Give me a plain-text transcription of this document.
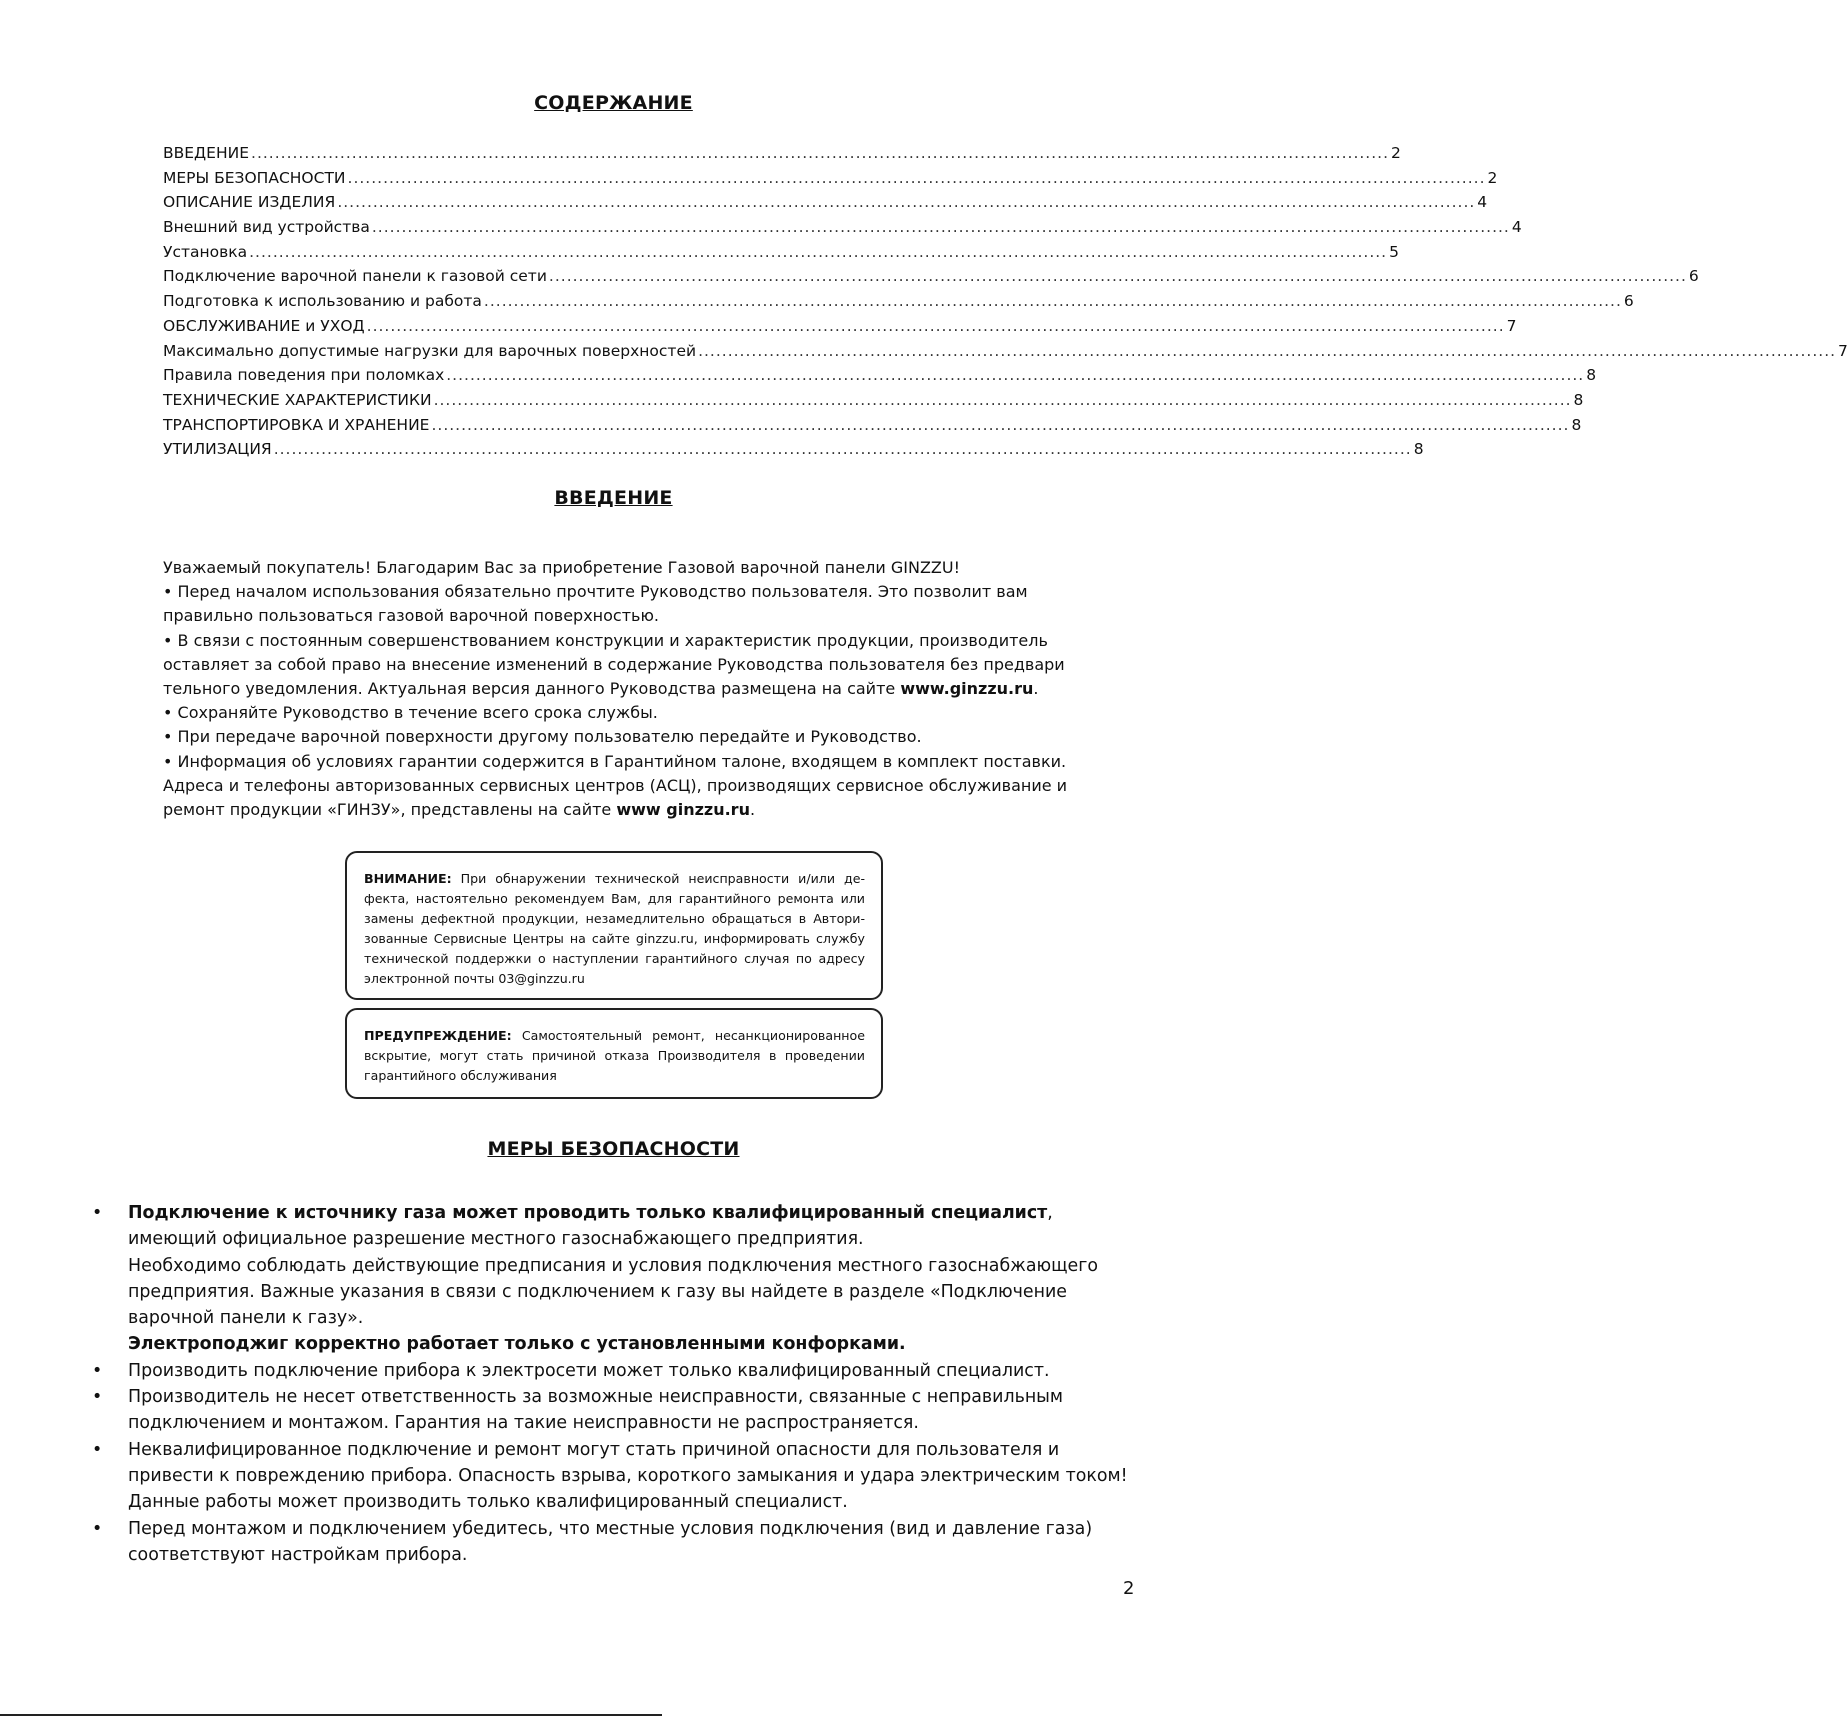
СОДЕРЖАНИЕ
ВВЕДЕНИЕ ................................................................................................................................................................................................ 2
МЕРЫ БЕЗОПАСНОСТИ ................................................................................................................................................................................................ 2
ОПИСАНИЕ ИЗДЕЛИЯ ................................................................................................................................................................................................ 4
Внешний вид устройства ................................................................................................................................................................................................ 4
Установка ................................................................................................................................................................................................ 5
Подключение варочной панели к газовой сети ................................................................................................................................................................................................ 6
Подготовка к использованию и работа ................................................................................................................................................................................................ 6
ОБСЛУЖИВАНИЕ и УХОД ................................................................................................................................................................................................ 7
Максимально допустимые нагрузки для варочных поверхностей ................................................................................................................................................................................................ 7
Правила поведения при поломках ................................................................................................................................................................................................ 8
ТЕХНИЧЕСКИЕ ХАРАКТЕРИСТИКИ ................................................................................................................................................................................................ 8
ТРАНСПОРТИРОВКА И ХРАНЕНИЕ ................................................................................................................................................................................................ 8
УТИЛИЗАЦИЯ ................................................................................................................................................................................................ 8
ВВЕДЕНИЕ

Уважаемый покупатель! Благодарим Вас за приобретение Газовой варочной панели GINZZU!

• Перед началом использования обязательно прочтите Руководство пользователя. Это позволит вам правильно пользоваться газовой варочной поверхностью.

• В связи с постоянным совершенствованием конструкции и характеристик продукции, производитель оставляет за собой право на внесение изменений в содержание Руководства пользователя без предвари тельного уведомления. Актуальная версия данного Руководства размещена на сайте www.ginzzu.ru.

• Сохраняйте Руководство в течение всего срока службы.

• При передаче варочной поверхности другому пользователю передайте и Руководство.

• Информация об условиях гарантии содержится в Гарантийном талоне, входящем в комплект поставки.

Адреса и телефоны авторизованных сервисных центров (АСЦ), производящих сервисное обслуживание и ремонт продукции «ГИНЗУ», представлены на сайте www ginzzu.ru.

ВНИМАНИЕ: При обнаружении технической неисправности и/или де-фекта, настоятельно рекомендуем Вам, для гарантийного ремонта или замены дефектной продукции, незамедлительно обращаться в Автори-зованные Сервисные Центры на сайте ginzzu.ru, информировать службу технической поддержки о наступлении гарантийного случая по адресу электронной почты 03@ginzzu.ru
ПРЕДУПРЕЖДЕНИЕ: Самостоятельный ремонт, несанкционированное вскрытие, могут стать причиной отказа Производителя в проведении гарантийного обслуживания
МЕРЫ БЕЗОПАСНОСТИ
•	Подключение к источнику газа может проводить только квалифицированный специалист, имеющий официальное разрешение местного газоснабжающего предприятия.
Необходимо соблюдать действующие предписания и условия подключения местного газоснабжающего предприятия. Важные указания в связи с подключением к газу вы найдете в разделе «Подключение варочной панели к газу».
Электроподжиг корректно работает только с установленными конфорками.
•	Производить подключение прибора к электросети может только квалифицированный специалист.
•	Производитель не несет ответственность за возможные неисправности, связанные с неправильным подключением и монтажом. Гарантия на такие неисправности не распространяется.
•	Неквалифицированное подключение и ремонт могут стать причиной опасности для пользователя и привести к повреждению прибора. Опасность взрыва, короткого замыкания и удара электрическим током! Данные работы может производить только квалифицированный специалист.
•	Перед монтажом и подключением убедитесь, что местные условия подключения (вид и давление газа) соответствуют настройкам прибора.
2
